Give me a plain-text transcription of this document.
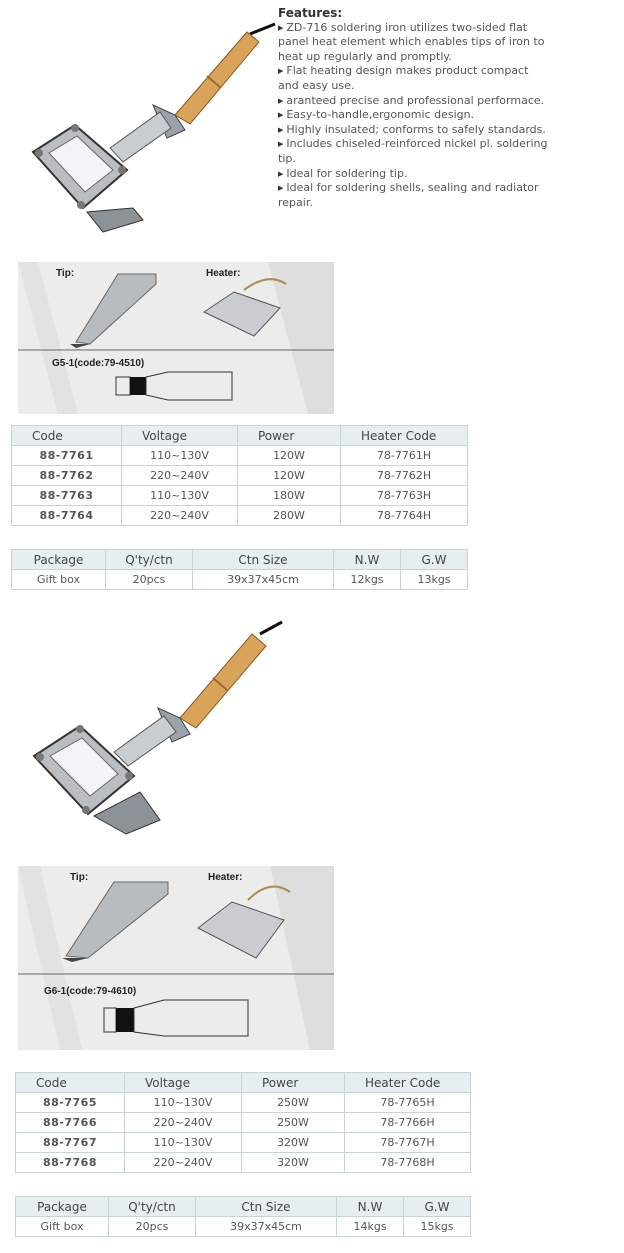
Features:
▶ ZD-716 soldering iron utilizes two-sided flat panel heat element which enables tips of iron to heat up regularly and promptly.
▶ Flat heating design makes product compact and easy use.
▶ aranteed precise and professional performace.
▶ Easy-to-handle,ergonomic design.
▶ Highly insulated; conforms to safely standards.
▶ Includes chiseled-reinforced nickel pl. soldering tip.
▶ Ideal for soldering tip.
▶ Ideal for soldering shells, sealing and radiator repair.
Tip:	Heater:
G5-1(code:79-4510)
Code	Voltage	Power	Heater Code
88-7761	110~130V	120W	78-7761H
88-7762	220~240V	120W	78-7762H
88-7763	110~130V	180W	78-7763H
88-7764	220~240V	280W	78-7764H
Package	Q'ty/ctn	Ctn Size	N.W	G.W
Gift box	20pcs	39x37x45cm	12kgs	13kgs
Tip:	Heater:
G6-1(code:79-4610)
Code	Voltage	Power	Heater Code
88-7765	110~130V	250W	78-7765H
88-7766	220~240V	250W	78-7766H
88-7767	110~130V	320W	78-7767H
88-7768	220~240V	320W	78-7768H
Package	Q'ty/ctn	Ctn Size	N.W	G.W
Gift box	20pcs	39x37x45cm	14kgs	15kgs
